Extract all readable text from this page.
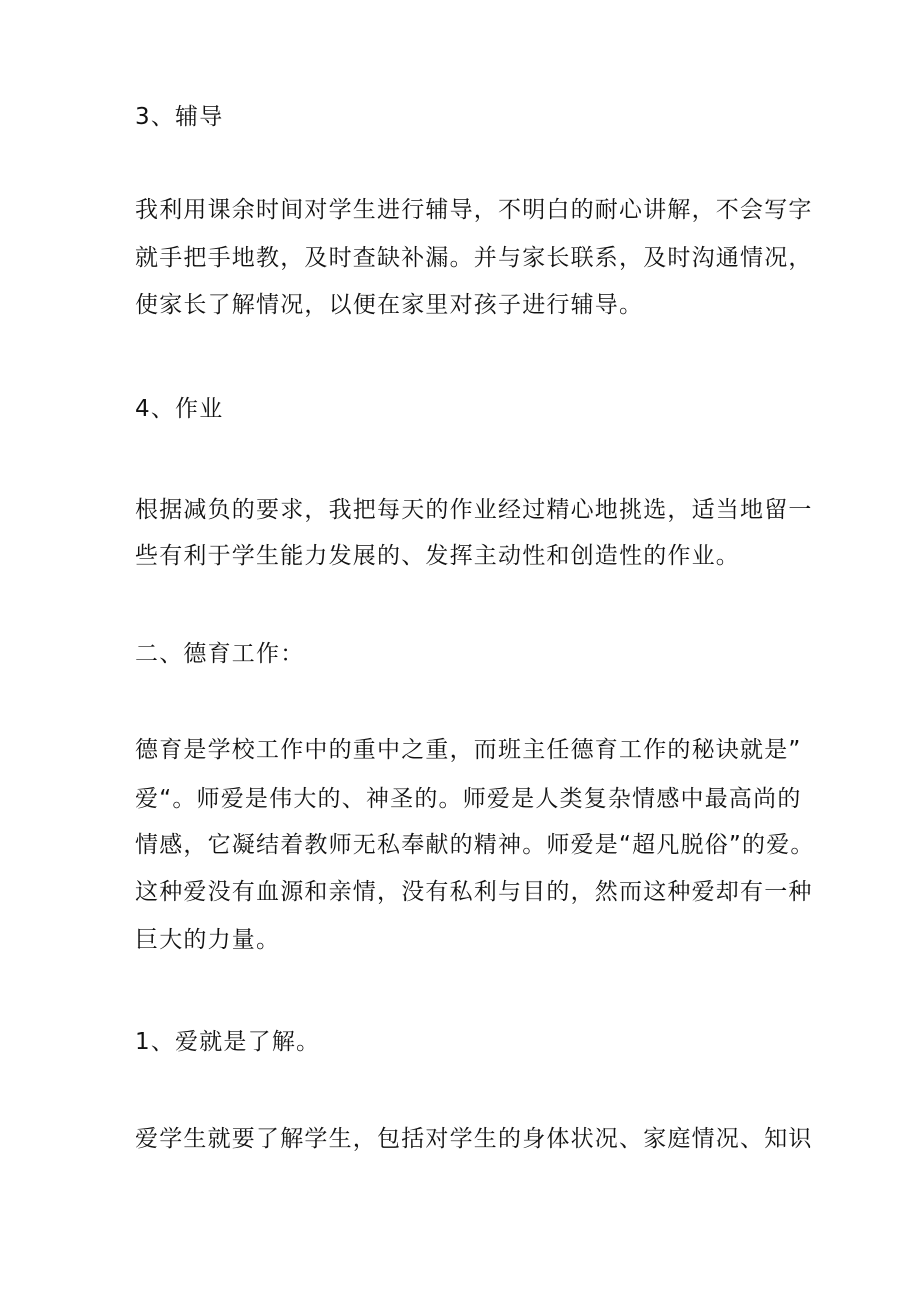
3、辅导
我利用课余时间对学生进行辅导，不明白的耐心讲解，不会写字
就手把手地教，及时查缺补漏。并与家长联系，及时沟通情况，
使家长了解情况，以便在家里对孩子进行辅导。
4、作业
根据减负的要求，我把每天的作业经过精心地挑选，适当地留一
些有利于学生能力发展的、发挥主动性和创造性的作业。
二、德育工作：
德育是学校工作中的重中之重，而班主任德育工作的秘诀就是”
爱“。师爱是伟大的、神圣的。师爱是人类复杂情感中最高尚的
情感，它凝结着教师无私奉献的精神。师爱是“超凡脱俗”的爱。
这种爱没有血源和亲情，没有私利与目的，然而这种爱却有一种
巨大的力量。
1、爱就是了解。
爱学生就要了解学生，包括对学生的身体状况、家庭情况、知识
